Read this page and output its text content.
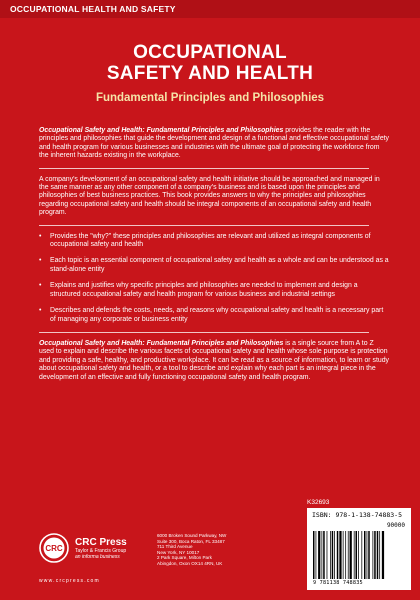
OCCUPATIONAL HEALTH AND SAFETY
OCCUPATIONAL
SAFETY AND HEALTH
Fundamental Principles and Philosophies

Occupational Safety and Health: Fundamental Principles and Philosophies provides the reader with the principles and philosophies that guide the development and design of a functional and effective occupational safety and health program for various businesses and industries with the ultimate goal of protecting the workforce from the inherent hazards existing in the workplace.

A company's development of an occupational safety and health initiative should be approached and managed in the same manner as any other component of a company's business and is based upon the principles and philosophies of best business practices. This book provides answers to why the principles and philosophies regarding occupational safety and health should be integral components of an occupational safety and health program.

• Provides the "why?" these principles and philosophies are relevant and utilized as integral components of occupational safety and health
• Each topic is an essential component of occupational safety and health as a whole and can be understood as a stand-alone entity
• Explains and justifies why specific principles and philosophies are needed to implement and design a structured occupational safety and health program for various business and industrial settings
• Describes and defends the costs, needs, and reasons why occupational safety and health is a necessary part of managing any corporate or business entity

Occupational Safety and Health: Fundamental Principles and Philosophies is a single source from A to Z used to explain and describe the various facets of occupational safety and health whose sole purpose is protection and providing a safe, healthy, and productive workplace. It can be read as a source of information, to learn or study about occupational safety and health, or a tool to describe and explain why each part is an integral piece in the development of an effective and fully functioning occupational safety and health program.

K32693
CRC
CRC Press
Taylor & Francis Group
an informa business
www.crcpress.com
6000 Broken Sound Parkway, NW
Suite 300, Boca Raton, FL 33487
711 Third Avenue
New York, NY 10017
2 Park Square, Milton Park
Abingdon, Oxon OX14 4RN, UK
ISBN: 978-1-138-74883-5
90000
9 781138 748835
